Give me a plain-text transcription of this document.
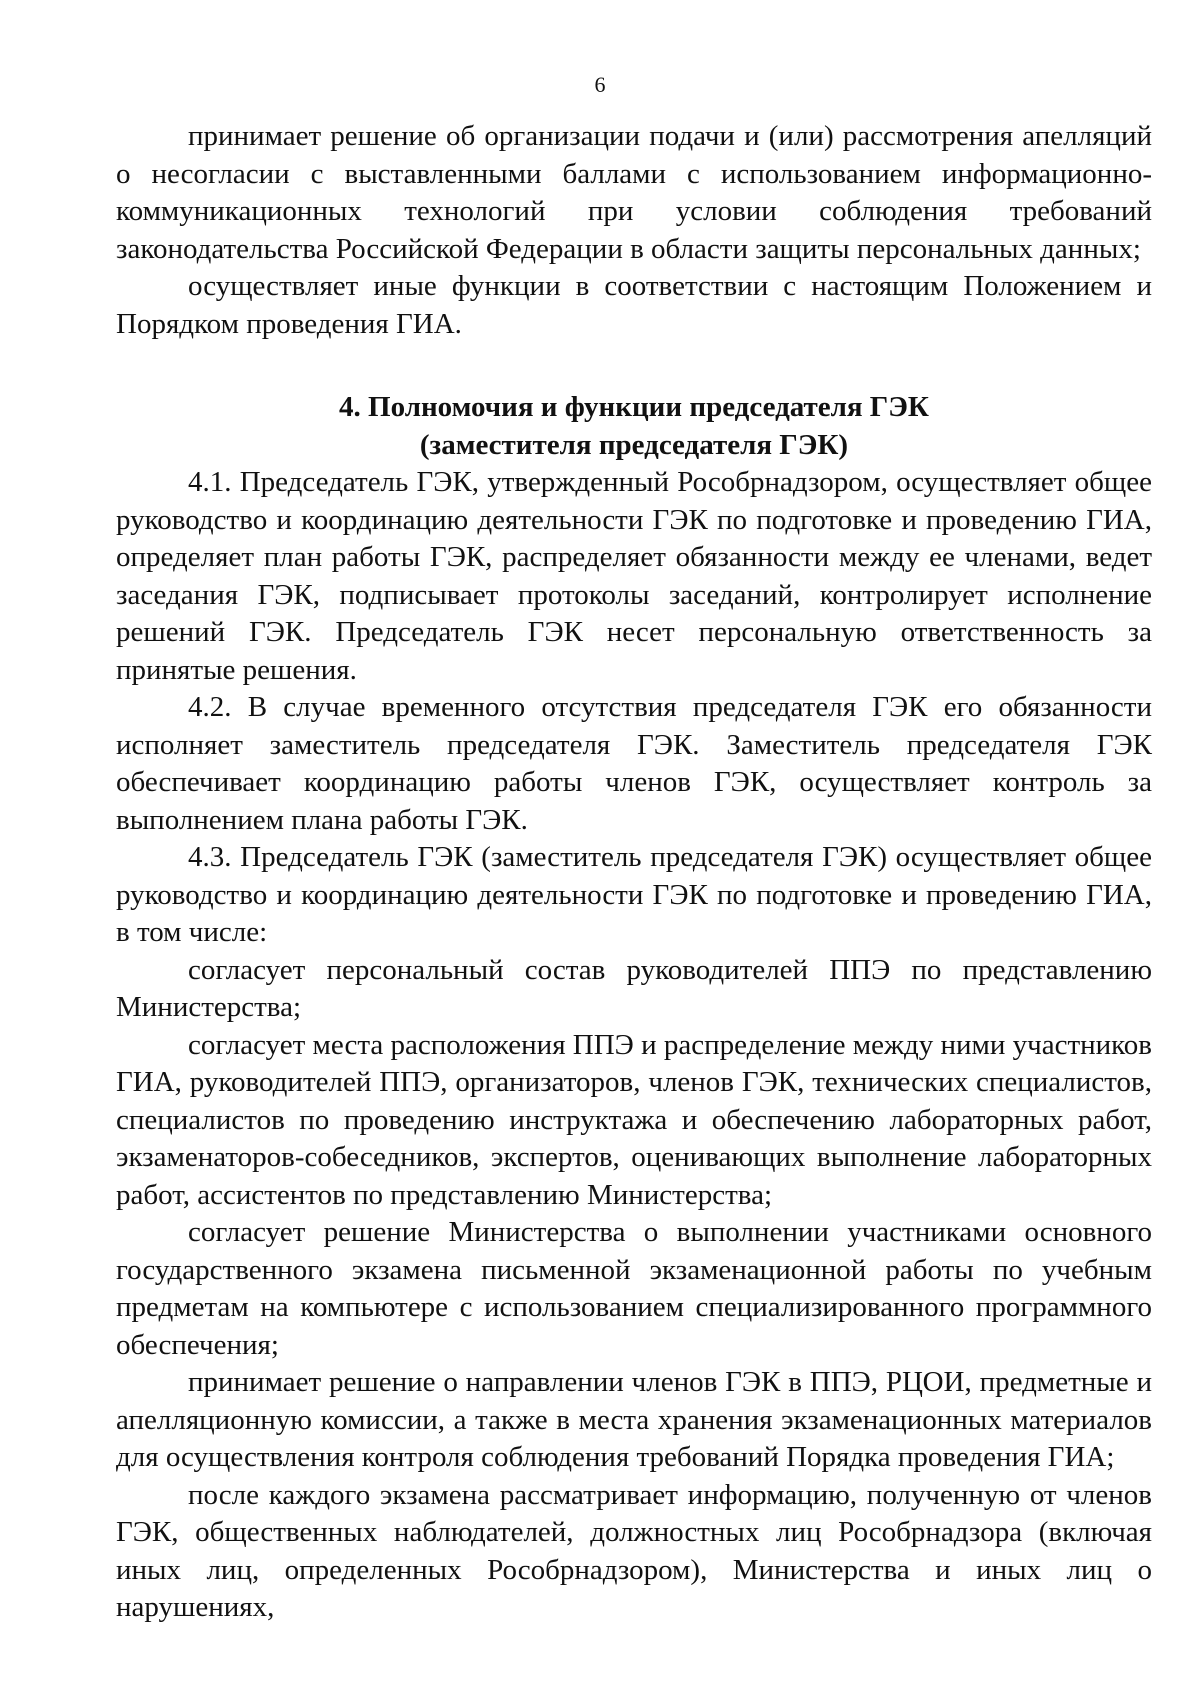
6

принимает решение об организации подачи и (или) рассмотрения апелляций о несогласии с выставленными баллами с использованием информационно-коммуникационных технологий при условии соблюдения требований законодательства Российской Федерации в области защиты персональных данных;

осуществляет иные функции в соответствии с настоящим Положением и Порядком проведения ГИА.

4. Полномочия и функции председателя ГЭК
(заместителя председателя ГЭК)

4.1. Председатель ГЭК, утвержденный Рособрнадзором, осуществляет общее руководство и координацию деятельности ГЭК по подготовке и проведению ГИА, определяет план работы ГЭК, распределяет обязанности между ее членами, ведет заседания ГЭК, подписывает протоколы заседаний, контролирует исполнение решений ГЭК. Председатель ГЭК несет персональную ответственность за принятые решения.

4.2. В случае временного отсутствия председателя ГЭК его обязанности исполняет заместитель председателя ГЭК. Заместитель председателя ГЭК обеспечивает координацию работы членов ГЭК, осуществляет контроль за выполнением плана работы ГЭК.

4.3. Председатель ГЭК (заместитель председателя ГЭК) осуществляет общее руководство и координацию деятельности ГЭК по подготовке и проведению ГИА, в том числе:

согласует персональный состав руководителей ППЭ по представлению Министерства;

согласует места расположения ППЭ и распределение между ними участников ГИА, руководителей ППЭ, организаторов, членов ГЭК, технических специалистов, специалистов по проведению инструктажа и обеспечению лабораторных работ, экзаменаторов-собеседников, экспертов, оценивающих выполнение лабораторных работ, ассистентов по представлению Министерства;

согласует решение Министерства о выполнении участниками основного государственного экзамена письменной экзаменационной работы по учебным предметам на компьютере с использованием специализированного программного обеспечения;

принимает решение о направлении членов ГЭК в ППЭ, РЦОИ, предметные и апелляционную комиссии, а также в места хранения экзаменационных материалов для осуществления контроля соблюдения требований Порядка проведения ГИА;

после каждого экзамена рассматривает информацию, полученную от членов ГЭК, общественных наблюдателей, должностных лиц Рособрнадзора (включая иных лиц, определенных Рособрнадзором), Министерства и иных лиц о нарушениях,
